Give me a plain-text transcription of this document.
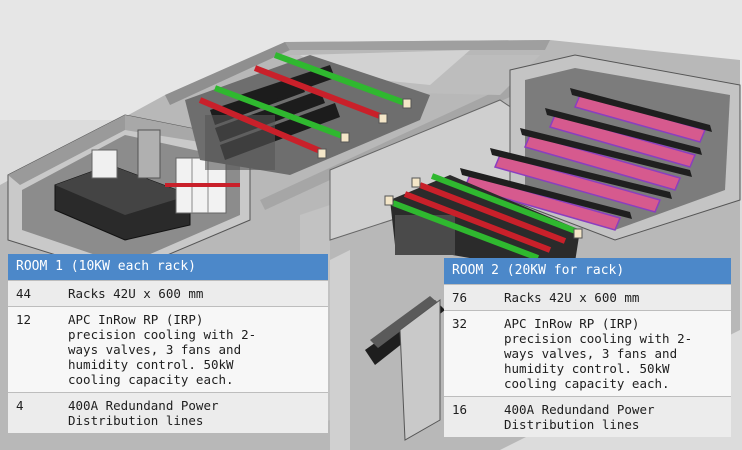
ROOM 1 (10KW each rack)
44	Racks 42U x 600 mm
12	APC InRow RP (IRP)
precision cooling with 2-
ways valves, 3 fans and
humidity control. 50kW
cooling capacity each.
4	400A Redundand Power
Distribution lines
ROOM 2 (20KW for rack)
76	Racks 42U x 600 mm
32	APC InRow RP (IRP)
precision cooling with 2-
ways valves, 3 fans and
humidity control. 50kW
cooling capacity each.
16	400A Redundand Power
Distribution lines
